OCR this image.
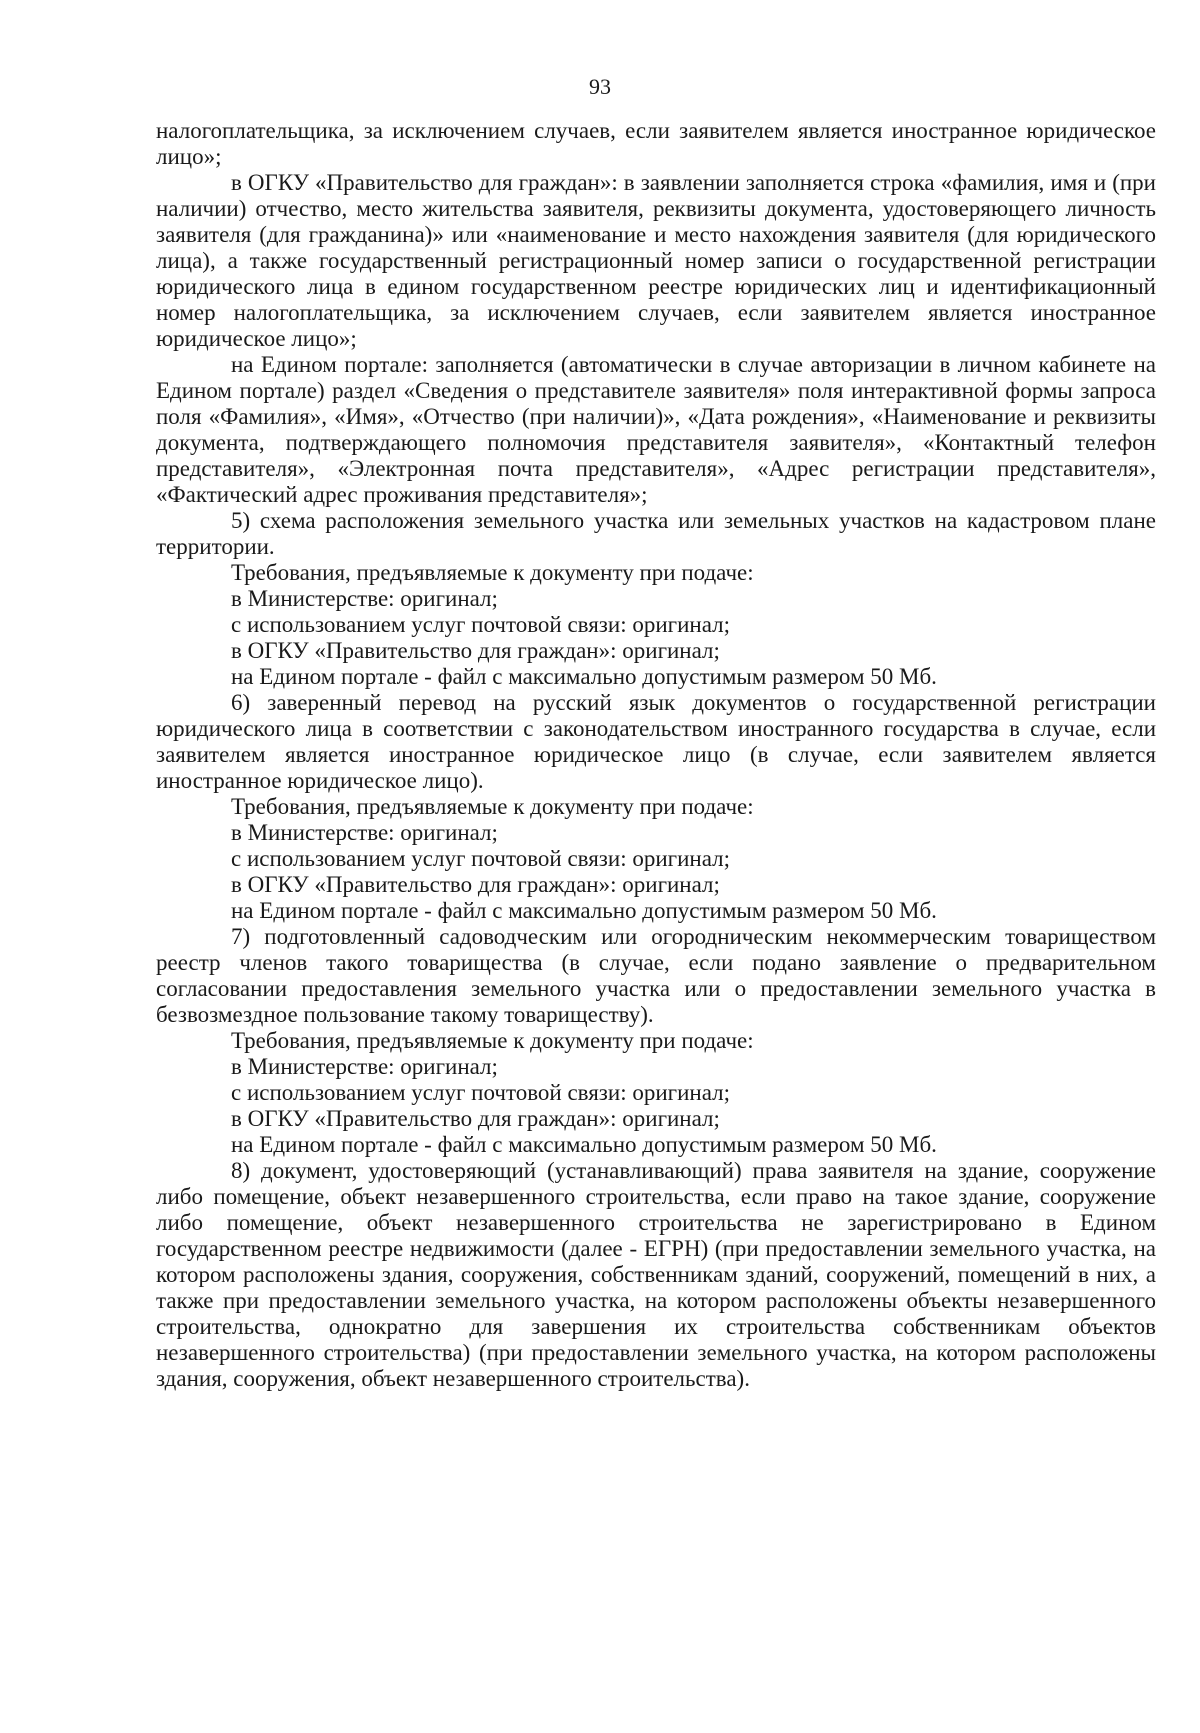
93

налогоплательщика, за исключением случаев, если заявителем является иностранное юридическое лицо»;

в ОГКУ «Правительство для граждан»: в заявлении заполняется строка «фамилия, имя и (при наличии) отчество, место жительства заявителя, реквизиты документа, удостоверяющего личность заявителя (для гражданина)» или «наименование и место нахождения заявителя (для юридического лица), а также государственный регистрационный номер записи о государственной регистрации юридического лица в едином государственном реестре юридических лиц и идентификационный номер налогоплательщика, за исключением случаев, если заявителем является иностранное юридическое лицо»;

на Едином портале: заполняется (автоматически в случае авторизации в личном кабинете на Едином портале) раздел «Сведения о представителе заявителя» поля интерактивной формы запроса поля «Фамилия», «Имя», «Отчество (при наличии)», «Дата рождения», «Наименование и реквизиты документа, подтверждающего полномочия представителя заявителя», «Контактный телефон представителя», «Электронная почта представителя», «Адрес регистрации представителя», «Фактический адрес проживания представителя»;

5) схема расположения земельного участка или земельных участков на кадастровом плане территории.

Требования, предъявляемые к документу при подаче:

в Министерстве: оригинал;

с использованием услуг почтовой связи: оригинал;

в ОГКУ «Правительство для граждан»: оригинал;

на Едином портале - файл с максимально допустимым размером 50 Мб.

6) заверенный перевод на русский язык документов о государственной регистрации юридического лица в соответствии с законодательством иностранного государства в случае, если заявителем является иностранное юридическое лицо (в случае, если заявителем является иностранное юридическое лицо).

Требования, предъявляемые к документу при подаче:

в Министерстве: оригинал;

с использованием услуг почтовой связи: оригинал;

в ОГКУ «Правительство для граждан»: оригинал;

на Едином портале - файл с максимально допустимым размером 50 Мб.

7) подготовленный садоводческим или огородническим некоммерческим товариществом реестр членов такого товарищества (в случае, если подано заявление о предварительном согласовании предоставления земельного участка или о предоставлении земельного участка в безвозмездное пользование такому товариществу).

Требования, предъявляемые к документу при подаче:

в Министерстве: оригинал;

с использованием услуг почтовой связи: оригинал;

в ОГКУ «Правительство для граждан»: оригинал;

на Едином портале - файл с максимально допустимым размером 50 Мб.

8) документ, удостоверяющий (устанавливающий) права заявителя на здание, сооружение либо помещение, объект незавершенного строительства, если право на такое здание, сооружение либо помещение, объект незавершенного строительства не зарегистрировано в Едином государственном реестре недвижимости (далее - ЕГРН) (при предоставлении земельного участка, на котором расположены здания, сооружения, собственникам зданий, сооружений, помещений в них, а также при предоставлении земельного участка, на котором расположены объекты незавершенного строительства, однократно для завершения их строительства собственникам объектов незавершенного строительства) (при предоставлении земельного участка, на котором расположены здания, сооружения, объект незавершенного строительства).
